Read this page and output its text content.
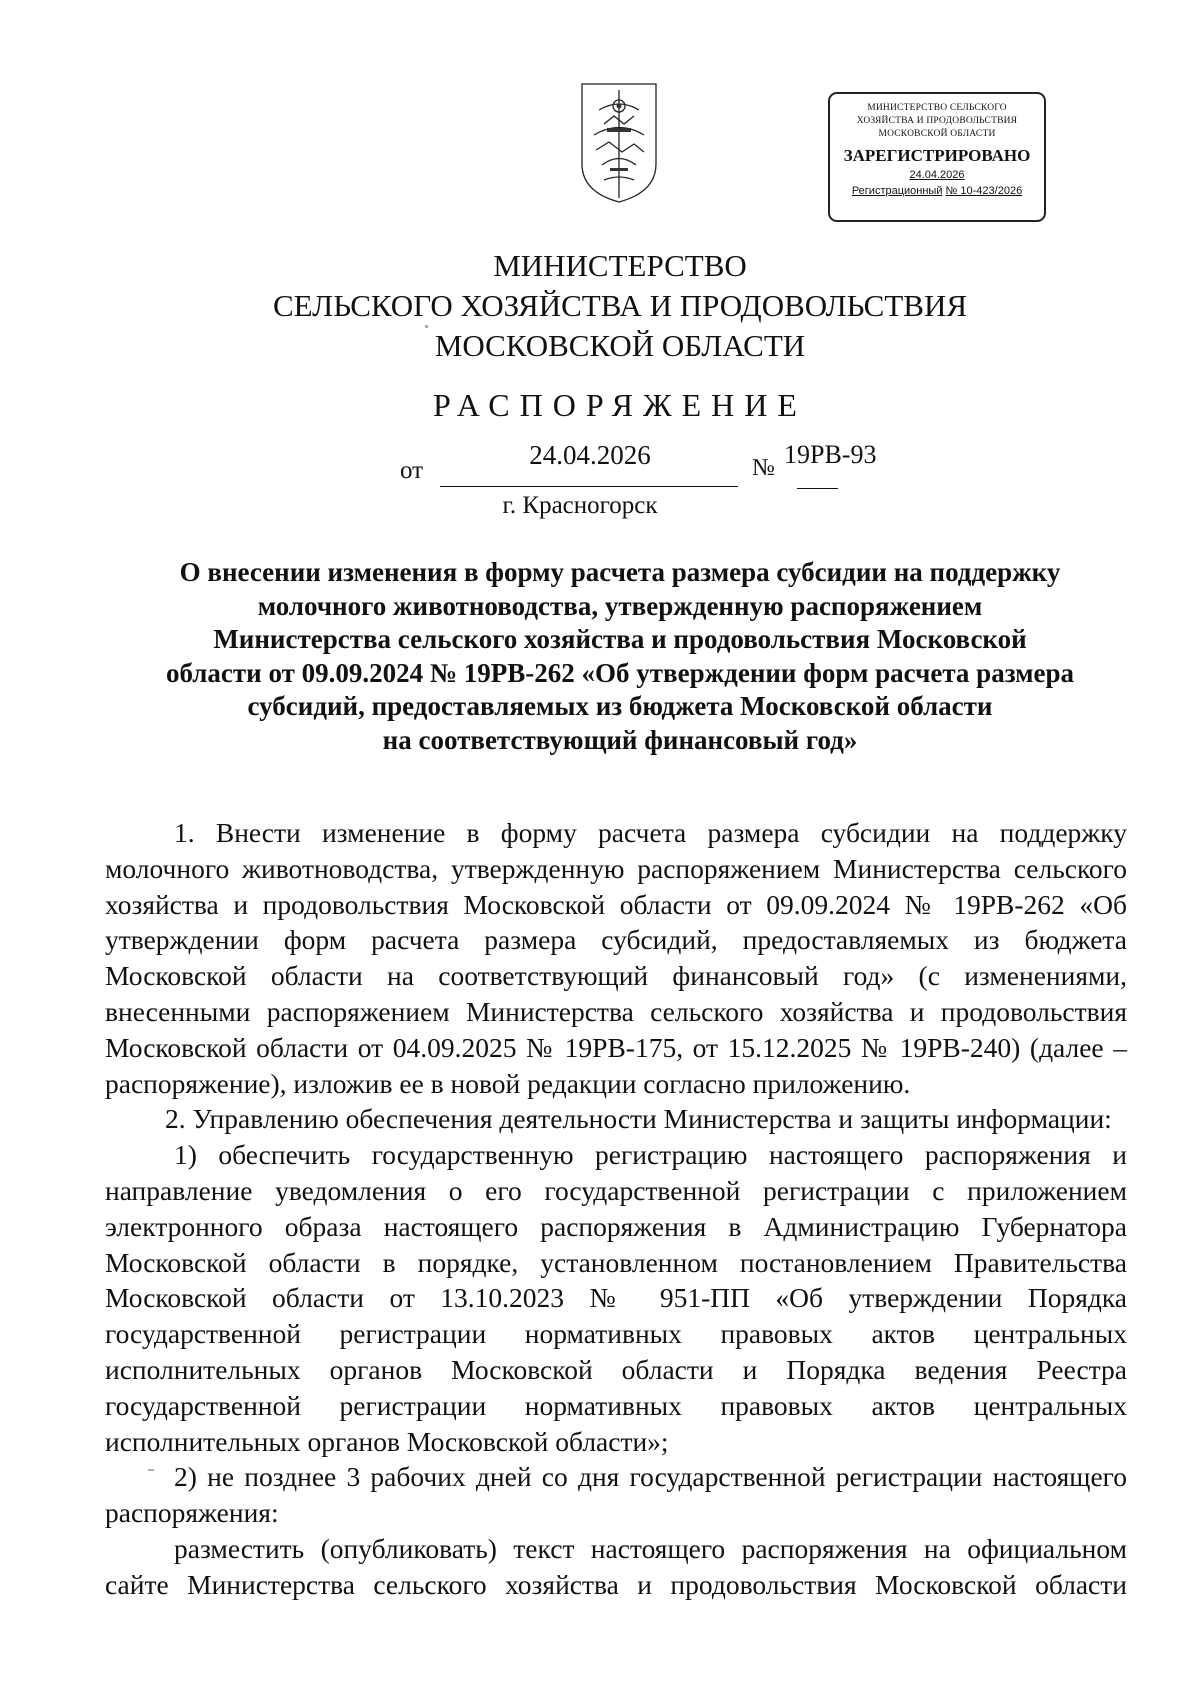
МИНИСТЕРСТВО СЕЛЬСКОГО
ХОЗЯЙСТВА И ПРОДОВОЛЬСТВИЯ
МОСКОВСКОЙ ОБЛАСТИ
ЗАРЕГИСТРИРОВАНО
24.04.2026
Регистрационный № 10-423/2026
МИНИСТЕРСТВО
СЕЛЬСКОГО ХОЗЯЙСТВА И ПРОДОВОЛЬСТВИЯ
МОСКОВСКОЙ ОБЛАСТИ
РАСПОРЯЖЕНИЕ
от
24.04.2026	№ 19РВ-93
г. Красногорск
О внесении изменения в форму расчета размера субсидии на поддержку
молочного животноводства, утвержденную распоряжением
Министерства сельского хозяйства и продовольствия Московской
области от 09.09.2024 № 19РВ-262 «Об утверждении форм расчета размера
субсидий, предоставляемых из бюджета Московской области
на соответствующий финансовый год»

1. Внести изменение в форму расчета размера субсидии на поддержку молочного животноводства, утвержденную распоряжением Министерства сельского хозяйства и продовольствия Московской области от 09.09.2024 № 19РВ-262 «Об утверждении форм расчета размера субсидий, предоставляемых из бюджета Московской области на соответствующий финансовый год» (с изменениями, внесенными распоряжением Министерства сельского хозяйства и продовольствия Московской области от 04.09.2025 № 19РВ-175, от 15.12.2025 № 19РВ-240) (далее – распоряжение), изложив ее в новой редакции согласно приложению.

2. Управлению обеспечения деятельности Министерства и защиты информации:

1) обеспечить государственную регистрацию настоящего распоряжения и направление уведомления о его государственной регистрации с приложением электронного образа настоящего распоряжения в Администрацию Губернатора Московской области в порядке, установленном постановлением Правительства Московской области от 13.10.2023 № 951-ПП «Об утверждении Порядка государственной регистрации нормативных правовых актов центральных исполнительных органов Московской области и Порядка ведения Реестра государственной регистрации нормативных правовых актов центральных исполнительных органов Московской области»;

2) не позднее 3 рабочих дней со дня государственной регистрации настоящего распоряжения:

разместить (опубликовать) текст настоящего распоряжения на официальном сайте Министерства сельского хозяйства и продовольствия Московской области
